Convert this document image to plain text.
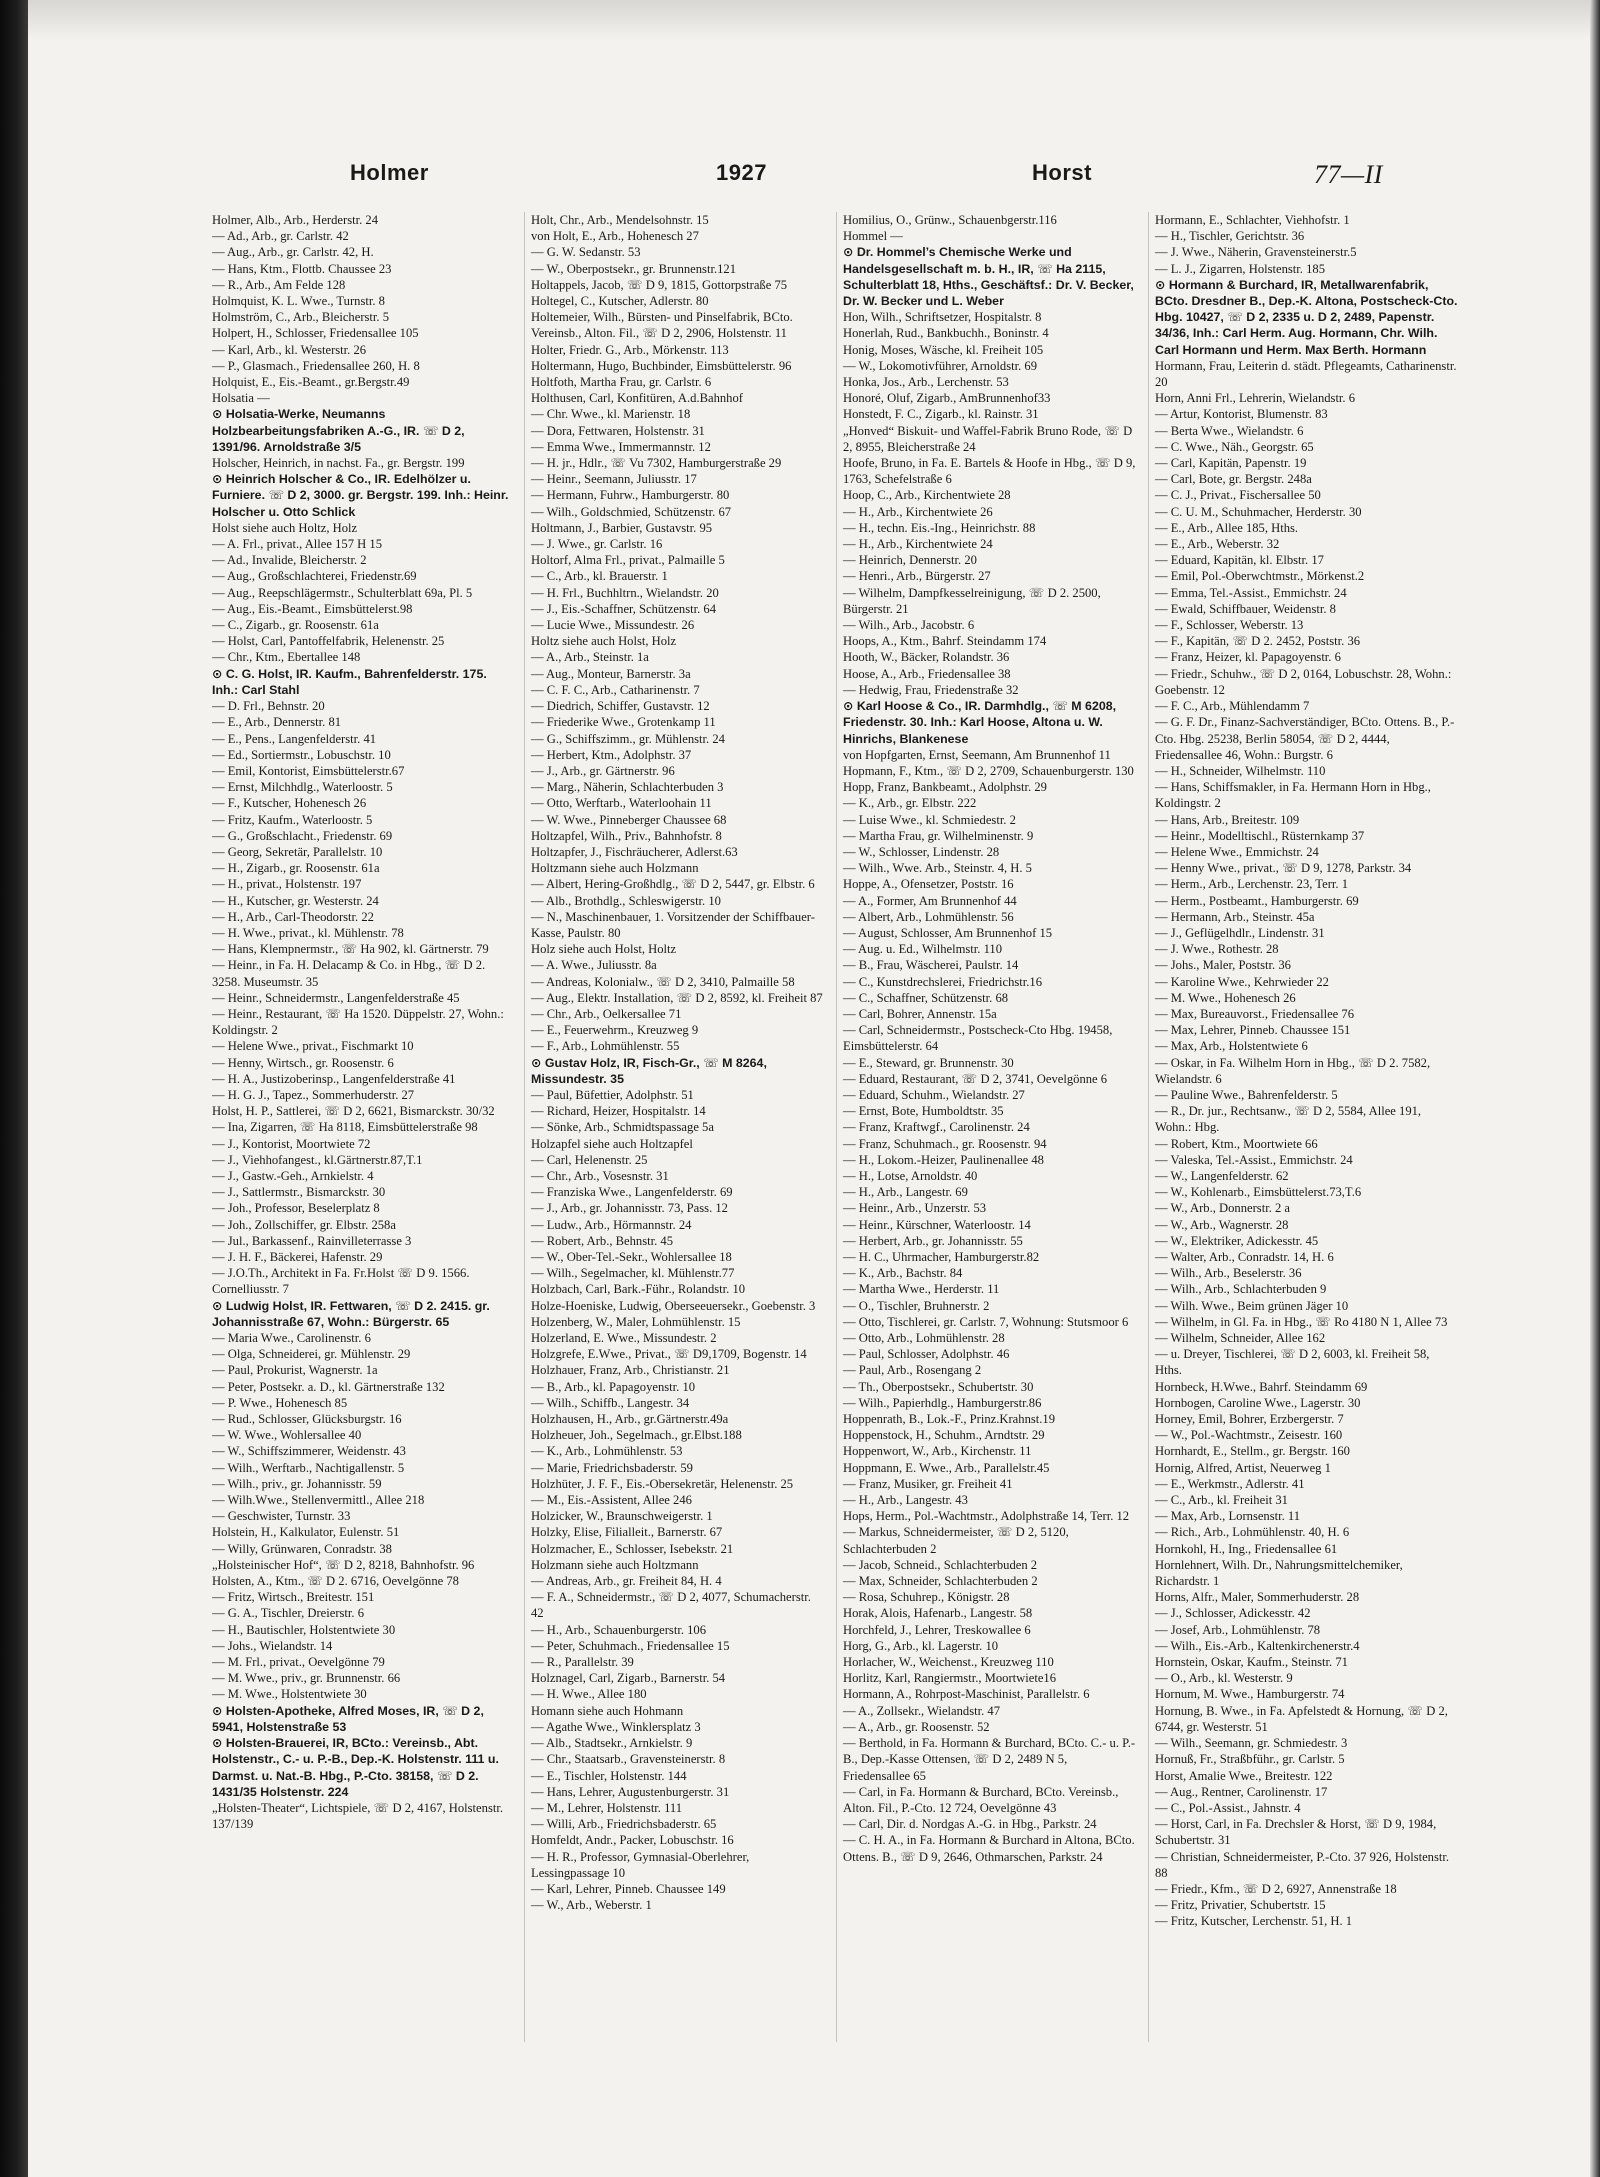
Holmer	1927	Horst	77—II

Holmer, Alb., Arb., Herderstr. 24

— Ad., Arb., gr. Carlstr. 42

— Aug., Arb., gr. Carlstr. 42, H.

— Hans, Ktm., Flottb. Chaussee 23

— R., Arb., Am Felde 128

Holmquist, K. L. Wwe., Turnstr. 8

Holmström, C., Arb., Bleicherstr. 5

Holpert, H., Schlosser, Friedensallee 105

— Karl, Arb., kl. Westerstr. 26

— P., Glasmach., Friedensallee 260, H. 8

Holquist, E., Eis.-Beamt., gr.Bergstr.49

Holsatia —

⊙ Holsatia-Werke, Neumanns Holzbearbeitungsfabriken A.-G., IR. ☏ D 2, 1391/96. Arnoldstraße 3/5

Holscher, Heinrich, in nachst. Fa., gr. Bergstr. 199

⊙ Heinrich Holscher & Co., IR. Edelhölzer u. Furniere. ☏ D 2, 3000. gr. Bergstr. 199. Inh.: Heinr. Holscher u. Otto Schlick

Holst siehe auch Holtz, Holz

— A. Frl., privat., Allee 157 H 15

— Ad., Invalide, Bleicherstr. 2

— Aug., Großschlachterei, Friedenstr.69

— Aug., Reepschlägermstr., Schulterblatt 69a, Pl. 5

— Aug., Eis.-Beamt., Eimsbüttelerst.98

— C., Zigarb., gr. Roosenstr. 61a

— Holst, Carl, Pantoffelfabrik, Helenenstr. 25

— Chr., Ktm., Ebertallee 148

⊙ C. G. Holst, IR. Kaufm., Bahrenfelderstr. 175. Inh.: Carl Stahl

— D. Frl., Behnstr. 20

— E., Arb., Dennerstr. 81

— E., Pens., Langenfelderstr. 41

— Ed., Sortiermstr., Lobuschstr. 10

— Emil, Kontorist, Eimsbüttelerstr.67

— Ernst, Milchhdlg., Waterloostr. 5

— F., Kutscher, Hohenesch 26

— Fritz, Kaufm., Waterloostr. 5

— G., Großschlacht., Friedenstr. 69

— Georg, Sekretär, Parallelstr. 10

— H., Zigarb., gr. Roosenstr. 61a

— H., privat., Holstenstr. 197

— H., Kutscher, gr. Westerstr. 24

— H., Arb., Carl-Theodorstr. 22

— H. Wwe., privat., kl. Mühlenstr. 78

— Hans, Klempnermstr., ☏ Ha 902, kl. Gärtnerstr. 79

— Heinr., in Fa. H. Delacamp & Co. in Hbg., ☏ D 2. 3258. Museumstr. 35

— Heinr., Schneidermstr., Langenfelderstraße 45

— Heinr., Restaurant, ☏ Ha 1520. Düppelstr. 27, Wohn.: Koldingstr. 2

— Helene Wwe., privat., Fischmarkt 10

— Henny, Wirtsch., gr. Roosenstr. 6

— H. A., Justizoberinsp., Langenfelderstraße 41

— H. G. J., Tapez., Sommerhuderstr. 27

Holst, H. P., Sattlerei, ☏ D 2, 6621, Bismarckstr. 30/32

— Ina, Zigarren, ☏ Ha 8118, Eimsbüttelerstraße 98

— J., Kontorist, Moortwiete 72

— J., Viehhofangest., kl.Gärtnerstr.87,T.1

— J., Gastw.-Geh., Arnkielstr. 4

— J., Sattlermstr., Bismarckstr. 30

— Joh., Professor, Beselerplatz 8

— Joh., Zollschiffer, gr. Elbstr. 258a

— Jul., Barkassenf., Rainvilleterrasse 3

— J. H. F., Bäckerei, Hafenstr. 29

— J.O.Th., Architekt in Fa. Fr.Holst ☏ D 9. 1566. Cornelliusstr. 7

⊙ Ludwig Holst, IR. Fettwaren, ☏ D 2. 2415. gr. Johannisstraße 67, Wohn.: Bürgerstr. 65

— Maria Wwe., Carolinenstr. 6

— Olga, Schneiderei, gr. Mühlenstr. 29

— Paul, Prokurist, Wagnerstr. 1a

— Peter, Postsekr. a. D., kl. Gärtnerstraße 132

— P. Wwe., Hohenesch 85

— Rud., Schlosser, Glücksburgstr. 16

— W. Wwe., Wohlersallee 40

— W., Schiffszimmerer, Weidenstr. 43

— Wilh., Werftarb., Nachtigallenstr. 5

— Wilh., priv., gr. Johannisstr. 59

— Wilh.Wwe., Stellenvermittl., Allee 218

— Geschwister, Turnstr. 33

Holstein, H., Kalkulator, Eulenstr. 51

— Willy, Grünwaren, Conradstr. 38

„Holsteinischer Hof“, ☏ D 2, 8218, Bahnhofstr. 96

Holsten, A., Ktm., ☏ D 2. 6716, Oevelgönne 78

— Fritz, Wirtsch., Breitestr. 151

— G. A., Tischler, Dreierstr. 6

— H., Bautischler, Holstentwiete 30

— Johs., Wielandstr. 14

— M. Frl., privat., Oevelgönne 79

— M. Wwe., priv., gr. Brunnenstr. 66

— M. Wwe., Holstentwiete 30

⊙ Holsten-Apotheke, Alfred Moses, IR, ☏ D 2, 5941, Holstenstraße 53

⊙ Holsten-Brauerei, IR, BCto.: Vereinsb., Abt. Holstenstr., C.- u. P.-B., Dep.-K. Holstenstr. 111 u. Darmst. u. Nat.-B. Hbg., P.-Cto. 38158, ☏ D 2. 1431/35 Holstenstr. 224

„Holsten-Theater“, Lichtspiele, ☏ D 2, 4167, Holstenstr. 137/139

Holt, Chr., Arb., Mendelsohnstr. 15

von Holt, E., Arb., Hohenesch 27

— G. W. Sedanstr. 53

— W., Oberpostsekr., gr. Brunnenstr.121

Holtappels, Jacob, ☏ D 9, 1815, Gottorpstraße 75

Holtegel, C., Kutscher, Adlerstr. 80

Holtemeier, Wilh., Bürsten- und Pinselfabrik, BCto. Vereinsb., Alton. Fil., ☏ D 2, 2906, Holstenstr. 11

Holter, Friedr. G., Arb., Mörkenstr. 113

Holtermann, Hugo, Buchbinder, Eimsbüttelerstr. 96

Holtfoth, Martha Frau, gr. Carlstr. 6

Holthusen, Carl, Konfitüren, A.d.Bahnhof

— Chr. Wwe., kl. Marienstr. 18

— Dora, Fettwaren, Holstenstr. 31

— Emma Wwe., Immermannstr. 12

— H. jr., Hdlr., ☏ Vu 7302, Hamburgerstraße 29

— Heinr., Seemann, Juliusstr. 17

— Hermann, Fuhrw., Hamburgerstr. 80

— Wilh., Goldschmied, Schützenstr. 67

Holtmann, J., Barbier, Gustavstr. 95

— J. Wwe., gr. Carlstr. 16

Holtorf, Alma Frl., privat., Palmaille 5

— C., Arb., kl. Brauerstr. 1

— H. Frl., Buchhltrn., Wielandstr. 20

— J., Eis.-Schaffner, Schützenstr. 64

— Lucie Wwe., Missundestr. 26

Holtz siehe auch Holst, Holz

— A., Arb., Steinstr. 1a

— Aug., Monteur, Barnerstr. 3a

— C. F. C., Arb., Catharinenstr. 7

— Diedrich, Schiffer, Gustavstr. 12

— Friederike Wwe., Grotenkamp 11

— G., Schiffszimm., gr. Mühlenstr. 24

— Herbert, Ktm., Adolphstr. 37

— J., Arb., gr. Gärtnerstr. 96

— Marg., Näherin, Schlachterbuden 3

— Otto, Werftarb., Waterloohain 11

— W. Wwe., Pinneberger Chaussee 68

Holtzapfel, Wilh., Priv., Bahnhofstr. 8

Holtzapfer, J., Fischräucherer, Adlerst.63

Holtzmann siehe auch Holzmann

— Albert, Hering-Großhdlg., ☏ D 2, 5447, gr. Elbstr. 6

— Alb., Brothdlg., Schleswigerstr. 10

— N., Maschinenbauer, 1. Vorsitzender der Schiffbauer-Kasse, Paulstr. 80

Holz siehe auch Holst, Holtz

— A. Wwe., Juliusstr. 8a

— Andreas, Kolonialw., ☏ D 2, 3410, Palmaille 58

— Aug., Elektr. Installation, ☏ D 2, 8592, kl. Freiheit 87

— Chr., Arb., Oelkersallee 71

— E., Feuerwehrm., Kreuzweg 9

— F., Arb., Lohmühlenstr. 55

⊙ Gustav Holz, IR, Fisch-Gr., ☏ M 8264, Missundestr. 35

— Paul, Büfettier, Adolphstr. 51

— Richard, Heizer, Hospitalstr. 14

— Sönke, Arb., Schmidtspassage 5a

Holzapfel siehe auch Holtzapfel

— Carl, Helenenstr. 25

— Chr., Arb., Vosesnstr. 31

— Franziska Wwe., Langenfelderstr. 69

— J., Arb., gr. Johannisstr. 73, Pass. 12

— Ludw., Arb., Hörmannstr. 24

— Robert, Arb., Behnstr. 45

— W., Ober-Tel.-Sekr., Wohlersallee 18

— Wilh., Segelmacher, kl. Mühlenstr.77

Holzbach, Carl, Bark.-Führ., Rolandstr. 10

Holze-Hoeniske, Ludwig, Oberseeuersekr., Goebenstr. 3

Holzenberg, W., Maler, Lohmühlenstr. 15

Holzerland, E. Wwe., Missundestr. 2

Holzgrefe, E.Wwe., Privat., ☏ D9,1709, Bogenstr. 14

Holzhauer, Franz, Arb., Christianstr. 21

— B., Arb., kl. Papagoyenstr. 10

— Wilh., Schiffb., Langestr. 34

Holzhausen, H., Arb., gr.Gärtnerstr.49a

Holzheuer, Joh., Segelmach., gr.Elbst.188

— K., Arb., Lohmühlenstr. 53

— Marie, Friedrichsbaderstr. 59

Holzhüter, J. F. F., Eis.-Obersekretär, Helenenstr. 25

— M., Eis.-Assistent, Allee 246

Holzicker, W., Braunschweigerstr. 1

Holzky, Elise, Filialleit., Barnerstr. 67

Holzmacher, E., Schlosser, Isebekstr. 21

Holzmann siehe auch Holtzmann

— Andreas, Arb., gr. Freiheit 84, H. 4

— F. A., Schneidermstr., ☏ D 2, 4077, Schumacherstr. 42

— H., Arb., Schauenburgerstr. 106

— Peter, Schuhmach., Friedensallee 15

— R., Parallelstr. 39

Holznagel, Carl, Zigarb., Barnerstr. 54

— H. Wwe., Allee 180

Homann siehe auch Hohmann

— Agathe Wwe., Winklersplatz 3

— Alb., Stadtsekr., Arnkielstr. 9

— Chr., Staatsarb., Gravensteinerstr. 8

— E., Tischler, Holstenstr. 144

— Hans, Lehrer, Augustenburgerstr. 31

— M., Lehrer, Holstenstr. 111

— Willi, Arb., Friedrichsbaderstr. 65

Homfeldt, Andr., Packer, Lobuschstr. 16

— H. R., Professor, Gymnasial-Oberlehrer, Lessingpassage 10

— Karl, Lehrer, Pinneb. Chaussee 149

— W., Arb., Weberstr. 1

Homilius, O., Grünw., Schauenbgerstr.116

Hommel —

⊙ Dr. Hommel’s Chemische Werke und Handelsgesellschaft m. b. H., IR, ☏ Ha 2115, Schulterblatt 18, Hths., Geschäftsf.: Dr. V. Becker, Dr. W. Becker und L. Weber

Hon, Wilh., Schriftsetzer, Hospitalstr. 8

Honerlah, Rud., Bankbuchh., Boninstr. 4

Honig, Moses, Wäsche, kl. Freiheit 105

— W., Lokomotivführer, Arnoldstr. 69

Honka, Jos., Arb., Lerchenstr. 53

Honoré, Oluf, Zigarb., AmBrunnenhof33

Honstedt, F. C., Zigarb., kl. Rainstr. 31

„Honved“ Biskuit- und Waffel-Fabrik Bruno Rode, ☏ D 2, 8955, Bleicherstraße 24

Hoofe, Bruno, in Fa. E. Bartels & Hoofe in Hbg., ☏ D 9, 1763, Schefelstraße 6

Hoop, C., Arb., Kirchentwiete 28

— H., Arb., Kirchentwiete 26

— H., techn. Eis.-Ing., Heinrichstr. 88

— H., Arb., Kirchentwiete 24

— Heinrich, Dennerstr. 20

— Henri., Arb., Bürgerstr. 27

— Wilhelm, Dampfkesselreinigung, ☏ D 2. 2500, Bürgerstr. 21

— Wilh., Arb., Jacobstr. 6

Hoops, A., Ktm., Bahrf. Steindamm 174

Hooth, W., Bäcker, Rolandstr. 36

Hoose, A., Arb., Friedensallee 38

— Hedwig, Frau, Friedenstraße 32

⊙ Karl Hoose & Co., IR. Darmhdlg., ☏ M 6208, Friedenstr. 30. Inh.: Karl Hoose, Altona u. W. Hinrichs, Blankenese

von Hopfgarten, Ernst, Seemann, Am Brunnenhof 11

Hopmann, F., Ktm., ☏ D 2, 2709, Schauenburgerstr. 130

Hopp, Franz, Bankbeamt., Adolphstr. 29

— K., Arb., gr. Elbstr. 222

— Luise Wwe., kl. Schmiedestr. 2

— Martha Frau, gr. Wilhelminenstr. 9

— W., Schlosser, Lindenstr. 28

— Wilh., Wwe. Arb., Steinstr. 4, H. 5

Hoppe, A., Ofensetzer, Poststr. 16

— A., Former, Am Brunnenhof 44

— Albert, Arb., Lohmühlenstr. 56

— August, Schlosser, Am Brunnenhof 15

— Aug. u. Ed., Wilhelmstr. 110

— B., Frau, Wäscherei, Paulstr. 14

— C., Kunstdrechslerei, Friedrichstr.16

— C., Schaffner, Schützenstr. 68

— Carl, Bohrer, Annenstr. 15a

— Carl, Schneidermstr., Postscheck-Cto Hbg. 19458, Eimsbüttelerstr. 64

— E., Steward, gr. Brunnenstr. 30

— Eduard, Restaurant, ☏ D 2, 3741, Oevelgönne 6

— Eduard, Schuhm., Wielandstr. 27

— Ernst, Bote, Humboldtstr. 35

— Franz, Kraftwgf., Carolinenstr. 24

— Franz, Schuhmach., gr. Roosenstr. 94

— H., Lokom.-Heizer, Paulinenallee 48

— H., Lotse, Arnoldstr. 40

— H., Arb., Langestr. 69

— Heinr., Arb., Unzerstr. 53

— Heinr., Kürschner, Waterloostr. 14

— Herbert, Arb., gr. Johannisstr. 55

— H. C., Uhrmacher, Hamburgerstr.82

— K., Arb., Bachstr. 84

— Martha Wwe., Herderstr. 11

— O., Tischler, Bruhnerstr. 2

— Otto, Tischlerei, gr. Carlstr. 7, Wohnung: Stutsmoor 6

— Otto, Arb., Lohmühlenstr. 28

— Paul, Schlosser, Adolphstr. 46

— Paul, Arb., Rosengang 2

— Th., Oberpostsekr., Schubertstr. 30

— Wilh., Papierhdlg., Hamburgerstr.86

Hoppenrath, B., Lok.-F., Prinz.Krahnst.19

Hoppenstock, H., Schuhm., Arndtstr. 29

Hoppenwort, W., Arb., Kirchenstr. 11

Hoppmann, E. Wwe., Arb., Parallelstr.45

— Franz, Musiker, gr. Freiheit 41

— H., Arb., Langestr. 43

Hops, Herm., Pol.-Wachtmstr., Adolphstraße 14, Terr. 12

— Markus, Schneidermeister, ☏ D 2, 5120, Schlachterbuden 2

— Jacob, Schneid., Schlachterbuden 2

— Max, Schneider, Schlachterbuden 2

— Rosa, Schuhrep., Königstr. 28

Horak, Alois, Hafenarb., Langestr. 58

Horchfeld, J., Lehrer, Treskowallee 6

Horg, G., Arb., kl. Lagerstr. 10

Horlacher, W., Weichenst., Kreuzweg 110

Horlitz, Karl, Rangiermstr., Moortwiete16

Hormann, A., Rohrpost-Maschinist, Parallelstr. 6

— A., Zollsekr., Wielandstr. 47

— A., Arb., gr. Roosenstr. 52

— Berthold, in Fa. Hormann & Burchard, BCto. C.- u. P.-B., Dep.-Kasse Ottensen, ☏ D 2, 2489 N 5, Friedensallee 65

— Carl, in Fa. Hormann & Burchard, BCto. Vereinsb., Alton. Fil., P.-Cto. 12 724, Oevelgönne 43

— Carl, Dir. d. Nordgas A.-G. in Hbg., Parkstr. 24

— C. H. A., in Fa. Hormann & Burchard in Altona, BCto. Ottens. B., ☏ D 9, 2646, Othmarschen, Parkstr. 24

Hormann, E., Schlachter, Viehhofstr. 1

— H., Tischler, Gerichtstr. 36

— J. Wwe., Näherin, Gravensteinerstr.5

— L. J., Zigarren, Holstenstr. 185

⊙ Hormann & Burchard, IR, Metallwarenfabrik, BCto. Dresdner B., Dep.-K. Altona, Postscheck-Cto. Hbg. 10427, ☏ D 2, 2335 u. D 2, 2489, Papenstr. 34/36, Inh.: Carl Herm. Aug. Hormann, Chr. Wilh. Carl Hormann und Herm. Max Berth. Hormann

Hormann, Frau, Leiterin d. städt. Pflegeamts, Catharinenstr. 20

Horn, Anni Frl., Lehrerin, Wielandstr. 6

— Artur, Kontorist, Blumenstr. 83

— Berta Wwe., Wielandstr. 6

— C. Wwe., Näh., Georgstr. 65

— Carl, Kapitän, Papenstr. 19

— Carl, Bote, gr. Bergstr. 248a

— C. J., Privat., Fischersallee 50

— C. U. M., Schuhmacher, Herderstr. 30

— E., Arb., Allee 185, Hths.

— E., Arb., Weberstr. 32

— Eduard, Kapitän, kl. Elbstr. 17

— Emil, Pol.-Oberwchtmstr., Mörkenst.2

— Emma, Tel.-Assist., Emmichstr. 24

— Ewald, Schiffbauer, Weidenstr. 8

— F., Schlosser, Weberstr. 13

— F., Kapitän, ☏ D 2. 2452, Poststr. 36

— Franz, Heizer, kl. Papagoyenstr. 6

— Friedr., Schuhw., ☏ D 2, 0164, Lobuschstr. 28, Wohn.: Goebenstr. 12

— F. C., Arb., Mühlendamm 7

— G. F. Dr., Finanz-Sachverständiger, BCto. Ottens. B., P.-Cto. Hbg. 25238, Berlin 58054, ☏ D 2, 4444, Friedensallee 46, Wohn.: Burgstr. 6

— H., Schneider, Wilhelmstr. 110

— Hans, Schiffsmakler, in Fa. Hermann Horn in Hbg., Koldingstr. 2

— Hans, Arb., Breitestr. 109

— Heinr., Modelltischl., Rüsternkamp 37

— Helene Wwe., Emmichstr. 24

— Henny Wwe., privat., ☏ D 9, 1278, Parkstr. 34

— Herm., Arb., Lerchenstr. 23, Terr. 1

— Herm., Postbeamt., Hamburgerstr. 69

— Hermann, Arb., Steinstr. 45a

— J., Geflügelhdlr., Lindenstr. 31

— J. Wwe., Rothestr. 28

— Johs., Maler, Poststr. 36

— Karoline Wwe., Kehrwieder 22

— M. Wwe., Hohenesch 26

— Max, Bureauvorst., Friedensallee 76

— Max, Lehrer, Pinneb. Chaussee 151

— Max, Arb., Holstentwiete 6

— Oskar, in Fa. Wilhelm Horn in Hbg., ☏ D 2. 7582, Wielandstr. 6

— Pauline Wwe., Bahrenfelderstr. 5

— R., Dr. jur., Rechtsanw., ☏ D 2, 5584, Allee 191, Wohn.: Hbg.

— Robert, Ktm., Moortwiete 66

— Valeska, Tel.-Assist., Emmichstr. 24

— W., Langenfelderstr. 62

— W., Kohlenarb., Eimsbüttelerst.73,T.6

— W., Arb., Donnerstr. 2 a

— W., Arb., Wagnerstr. 28

— W., Elektriker, Adickesstr. 45

— Walter, Arb., Conradstr. 14, H. 6

— Wilh., Arb., Beselerstr. 36

— Wilh., Arb., Schlachterbuden 9

— Wilh. Wwe., Beim grünen Jäger 10

— Wilhelm, in Gl. Fa. in Hbg., ☏ Ro 4180 N 1, Allee 73

— Wilhelm, Schneider, Allee 162

— u. Dreyer, Tischlerei, ☏ D 2, 6003, kl. Freiheit 58, Hths.

Hornbeck, H.Wwe., Bahrf. Steindamm 69

Hornbogen, Caroline Wwe., Lagerstr. 30

Horney, Emil, Bohrer, Erzbergerstr. 7

— W., Pol.-Wachtmstr., Zeisestr. 160

Hornhardt, E., Stellm., gr. Bergstr. 160

Hornig, Alfred, Artist, Neuerweg 1

— E., Werkmstr., Adlerstr. 41

— C., Arb., kl. Freiheit 31

— Max, Arb., Lornsenstr. 11

— Rich., Arb., Lohmühlenstr. 40, H. 6

Hornkohl, H., Ing., Friedensallee 61

Hornlehnert, Wilh. Dr., Nahrungsmittelchemiker, Richardstr. 1

Horns, Alfr., Maler, Sommerhuderstr. 28

— J., Schlosser, Adickesstr. 42

— Josef, Arb., Lohmühlenstr. 78

— Wilh., Eis.-Arb., Kaltenkirchenerstr.4

Hornstein, Oskar, Kaufm., Steinstr. 71

— O., Arb., kl. Westerstr. 9

Hornum, M. Wwe., Hamburgerstr. 74

Hornung, B. Wwe., in Fa. Apfelstedt & Hornung, ☏ D 2, 6744, gr. Westerstr. 51

— Wilh., Seemann, gr. Schmiedestr. 3

Hornuß, Fr., Straßbführ., gr. Carlstr. 5

Horst, Amalie Wwe., Breitestr. 122

— Aug., Rentner, Carolinenstr. 17

— C., Pol.-Assist., Jahnstr. 4

— Horst, Carl, in Fa. Drechsler & Horst, ☏ D 9, 1984, Schubertstr. 31

— Christian, Schneidermeister, P.-Cto. 37 926, Holstenstr. 88

— Friedr., Kfm., ☏ D 2, 6927, Annenstraße 18

— Fritz, Privatier, Schubertstr. 15

— Fritz, Kutscher, Lerchenstr. 51, H. 1
